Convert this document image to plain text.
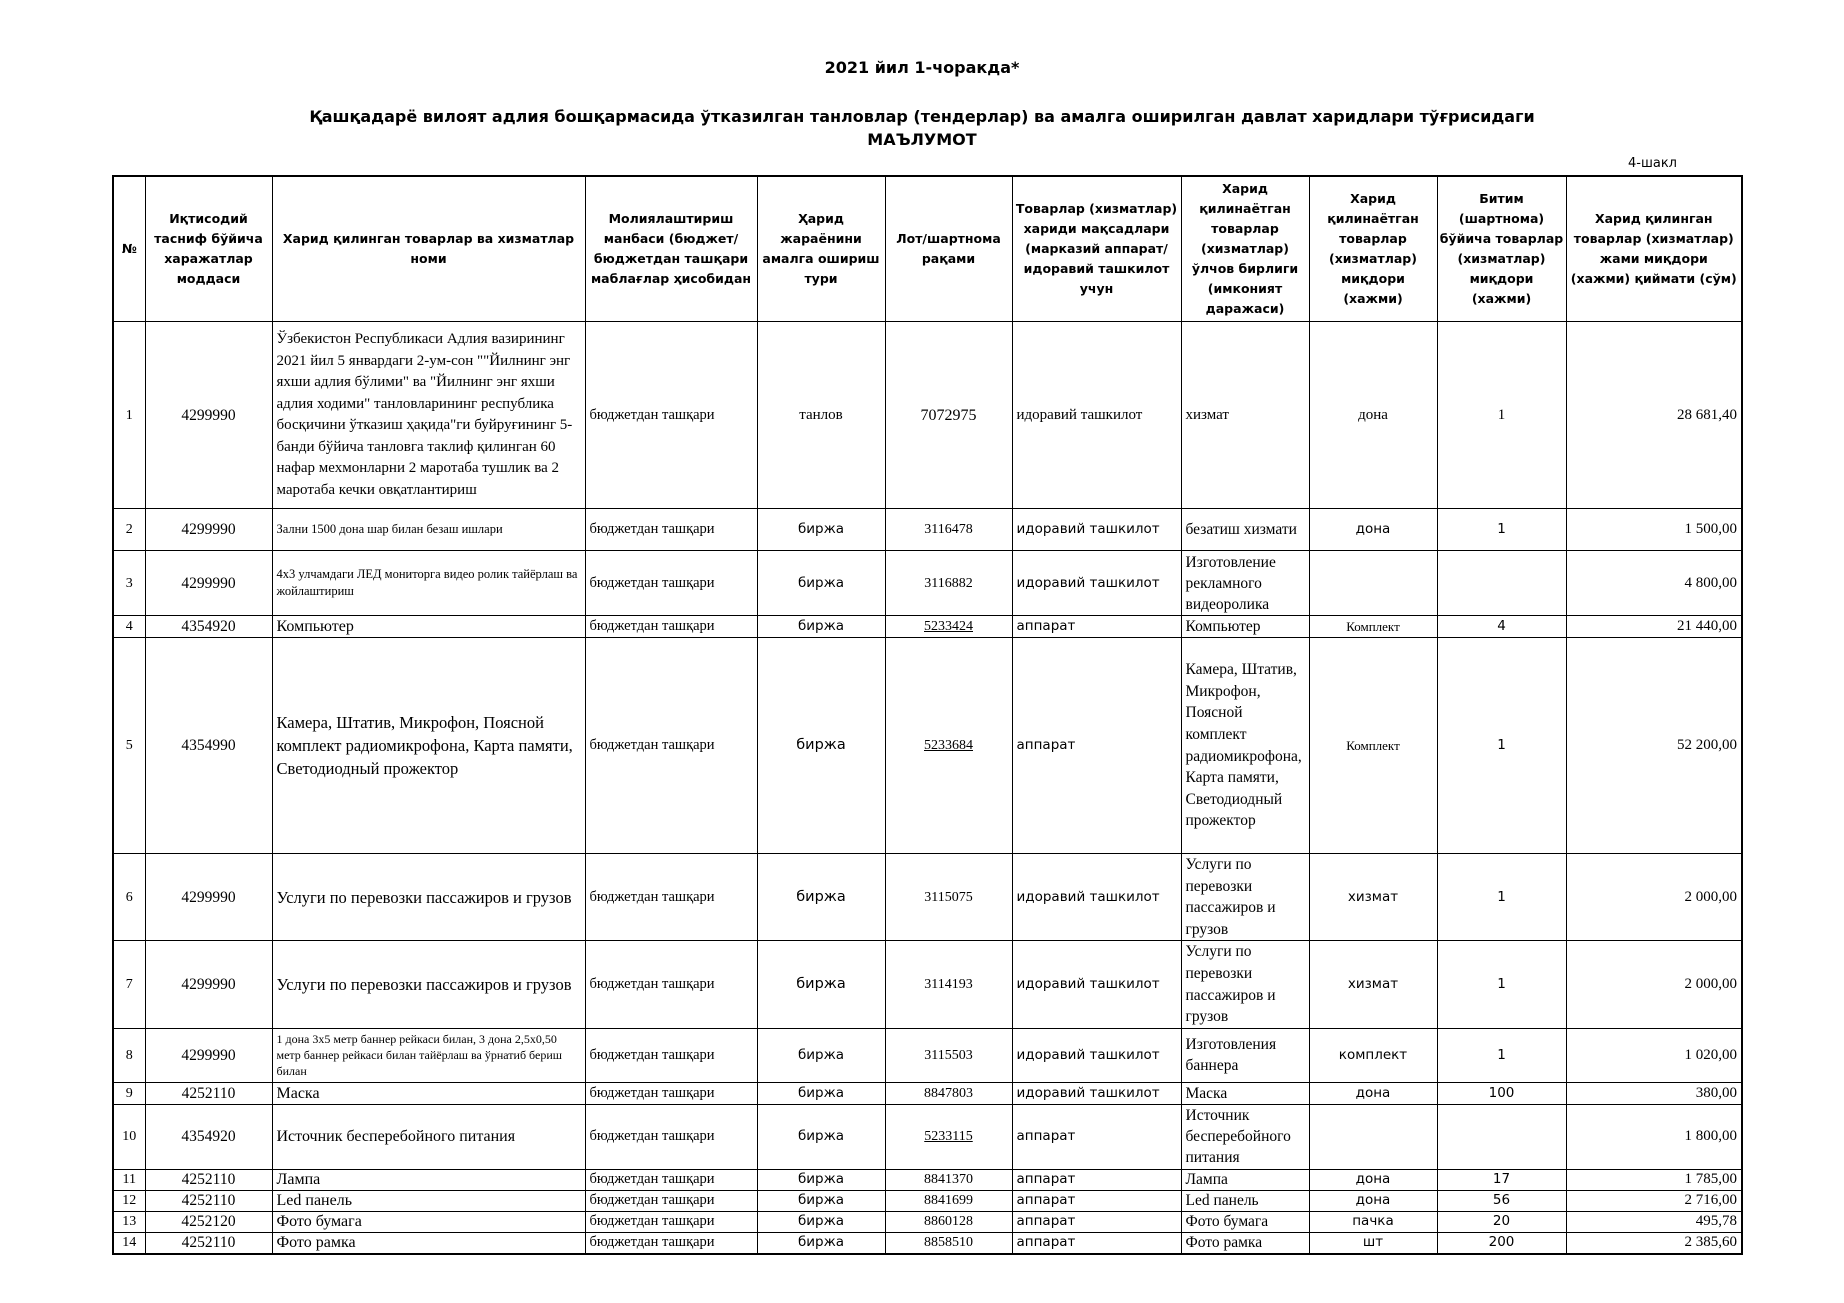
2021 йил 1-чоракда*
Қашқадарё вилоят адлия бошқармасида ўтказилган танловлар (тендерлар) ва амалга оширилган давлат харидлари тўғрисидаги
МАЪЛУМОТ
4-шакл
№	Иқтисодий тасниф бўйича харажатлар моддаси	Харид қилинган товарлар ва хизматлар номи	Молиялаштириш манбаси (бюджет/бюджетдан ташқари маблағлар ҳисобидан	Ҳарид жараёнини амалга ошириш тури	Лот/шартнома рақами	Товарлар (хизматлар) хариди мақсадлари (марказий аппарат/идоравий ташкилот учун	Харид қилинаётган товарлар (хизматлар) ўлчов бирлиги (имконият даражаси)	Харид қилинаётган товарлар (хизматлар) миқдори (хажми)	Битим (шартнома) бўйича товарлар (хизматлар) миқдори (хажми)	Харид қилинган товарлар (хизматлар) жами миқдори (хажми) қиймати (сўм)
1	4299990	Ўзбекистон Республикаси Адлия вазирининг 2021 йил 5 январдаги 2-ум-сон ""Йилнинг энг яхши адлия бўлими" ва "Йилнинг энг яхши адлия ходими" танловларининг республика босқичини ўтказиш ҳақида"ги буйруғининг 5-банди бўйича танловга таклиф қилинган 60 нафар мехмонларни 2 маротаба тушлик ва 2 маротаба кечки овқатлантириш	бюджетдан ташқари	танлов	7072975	идоравий ташкилот	хизмат	дона	1	28 681,40
2	4299990	Зални 1500 дона шар билан безаш ишлари	бюджетдан ташқари	биржа	3116478	идоравий ташкилот	безатиш хизмати	дона	1	1 500,00
3	4299990	4х3 улчамдаги ЛЕД мониторга видео ролик тайёрлаш ва жойлаштириш	бюджетдан ташқари	биржа	3116882	идоравий ташкилот	Изготовление рекламного видеоролика			4 800,00
4	4354920	Компьютер	бюджетдан ташқари	биржа	5233424	аппарат	Компьютер	Комплект	4	21 440,00
5	4354990	Камера, Штатив, Микрофон, Поясной комплект радиомикрофона, Карта памяти, Светодиодный прожектор	бюджетдан ташқари	биржа	5233684	аппарат	Камера, Штатив, Микрофон, Поясной комплект радиомикрофона, Карта памяти, Светодиодный прожектор	Комплект	1	52 200,00
6	4299990	Услуги по перевозки пассажиров и грузов	бюджетдан ташқари	биржа	3115075	идоравий ташкилот	Услуги по перевозки пассажиров и грузов	хизмат	1	2 000,00
7	4299990	Услуги по перевозки пассажиров и грузов	бюджетдан ташқари	биржа	3114193	идоравий ташкилот	Услуги по перевозки пассажиров и грузов	хизмат	1	2 000,00
8	4299990	1 дона 3х5 метр баннер рейкаси билан, 3 дона 2,5х0,50 метр баннер рейкаси билан тайёрлаш ва ўрнатиб бериш билан	бюджетдан ташқари	биржа	3115503	идоравий ташкилот	Изготовления баннера	комплект	1	1 020,00
9	4252110	Маска	бюджетдан ташқари	биржа	8847803	идоравий ташкилот	Маска	дона	100	380,00
10	4354920	Источник бесперебойного питания	бюджетдан ташқари	биржа	5233115	аппарат	Источник бесперебойного питания			1 800,00
11	4252110	Лампа	бюджетдан ташқари	биржа	8841370	аппарат	Лампа	дона	17	1 785,00
12	4252110	Led панель	бюджетдан ташқари	биржа	8841699	аппарат	Led панель	дона	56	2 716,00
13	4252120	Фото бумага	бюджетдан ташқари	биржа	8860128	аппарат	Фото бумага	пачка	20	495,78
14	4252110	Фото рамка	бюджетдан ташқари	биржа	8858510	аппарат	Фото рамка	шт	200	2 385,60
